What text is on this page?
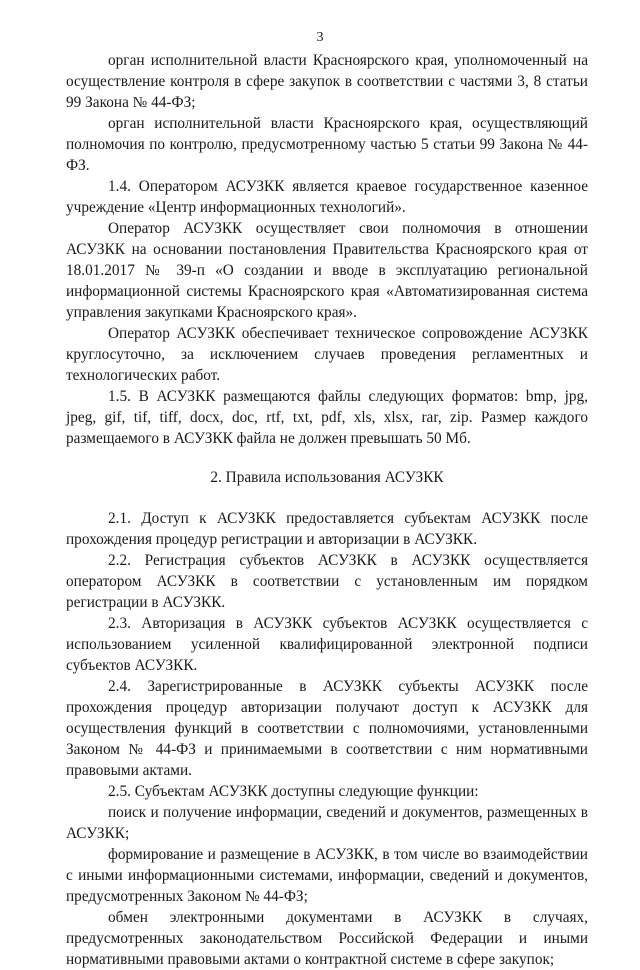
3

орган исполнительной власти Красноярского края, уполномоченный на осуществление контроля в сфере закупок в соответствии с частями 3, 8 статьи 99 Закона № 44-ФЗ;

орган исполнительной власти Красноярского края, осуществляющий полномочия по контролю, предусмотренному частью 5 статьи 99 Закона № 44-ФЗ.

1.4. Оператором АСУЗКК является краевое государственное казенное учреждение «Центр информационных технологий».

Оператор АСУЗКК осуществляет свои полномочия в отношении АСУЗКК на основании постановления Правительства Красноярского края от 18.01.2017 № 39-п «О создании и вводе в эксплуатацию региональной информационной системы Красноярского края «Автоматизированная система управления закупками Красноярского края».

Оператор АСУЗКК обеспечивает техническое сопровождение АСУЗКК круглосуточно, за исключением случаев проведения регламентных и технологических работ.

1.5. В АСУЗКК размещаются файлы следующих форматов: bmp, jpg, jpeg, gif, tif, tiff, docx, doc, rtf, txt, pdf, xls, xlsx, rar, zip. Размер каждого размещаемого в АСУЗКК файла не должен превышать 50 Мб.

2. Правила использования АСУЗКК

2.1. Доступ к АСУЗКК предоставляется субъектам АСУЗКК после прохождения процедур регистрации и авторизации в АСУЗКК.

2.2. Регистрация субъектов АСУЗКК в АСУЗКК осуществляется оператором АСУЗКК в соответствии с установленным им порядком регистрации в АСУЗКК.

2.3. Авторизация в АСУЗКК субъектов АСУЗКК осуществляется с использованием усиленной квалифицированной электронной подписи субъектов АСУЗКК.

2.4. Зарегистрированные в АСУЗКК субъекты АСУЗКК после прохождения процедур авторизации получают доступ к АСУЗКК для осуществления функций в соответствии с полномочиями, установленными Законом № 44-ФЗ и принимаемыми в соответствии с ним нормативными правовыми актами.

2.5. Субъектам АСУЗКК доступны следующие функции:

поиск и получение информации, сведений и документов, размещенных в АСУЗКК;

формирование и размещение в АСУЗКК, в том числе во взаимодействии с иными информационными системами, информации, сведений и документов, предусмотренных Законом № 44-ФЗ;

обмен электронными документами в АСУЗКК в случаях, предусмотренных законодательством Российской Федерации и иными нормативными правовыми актами о контрактной системе в сфере закупок;
